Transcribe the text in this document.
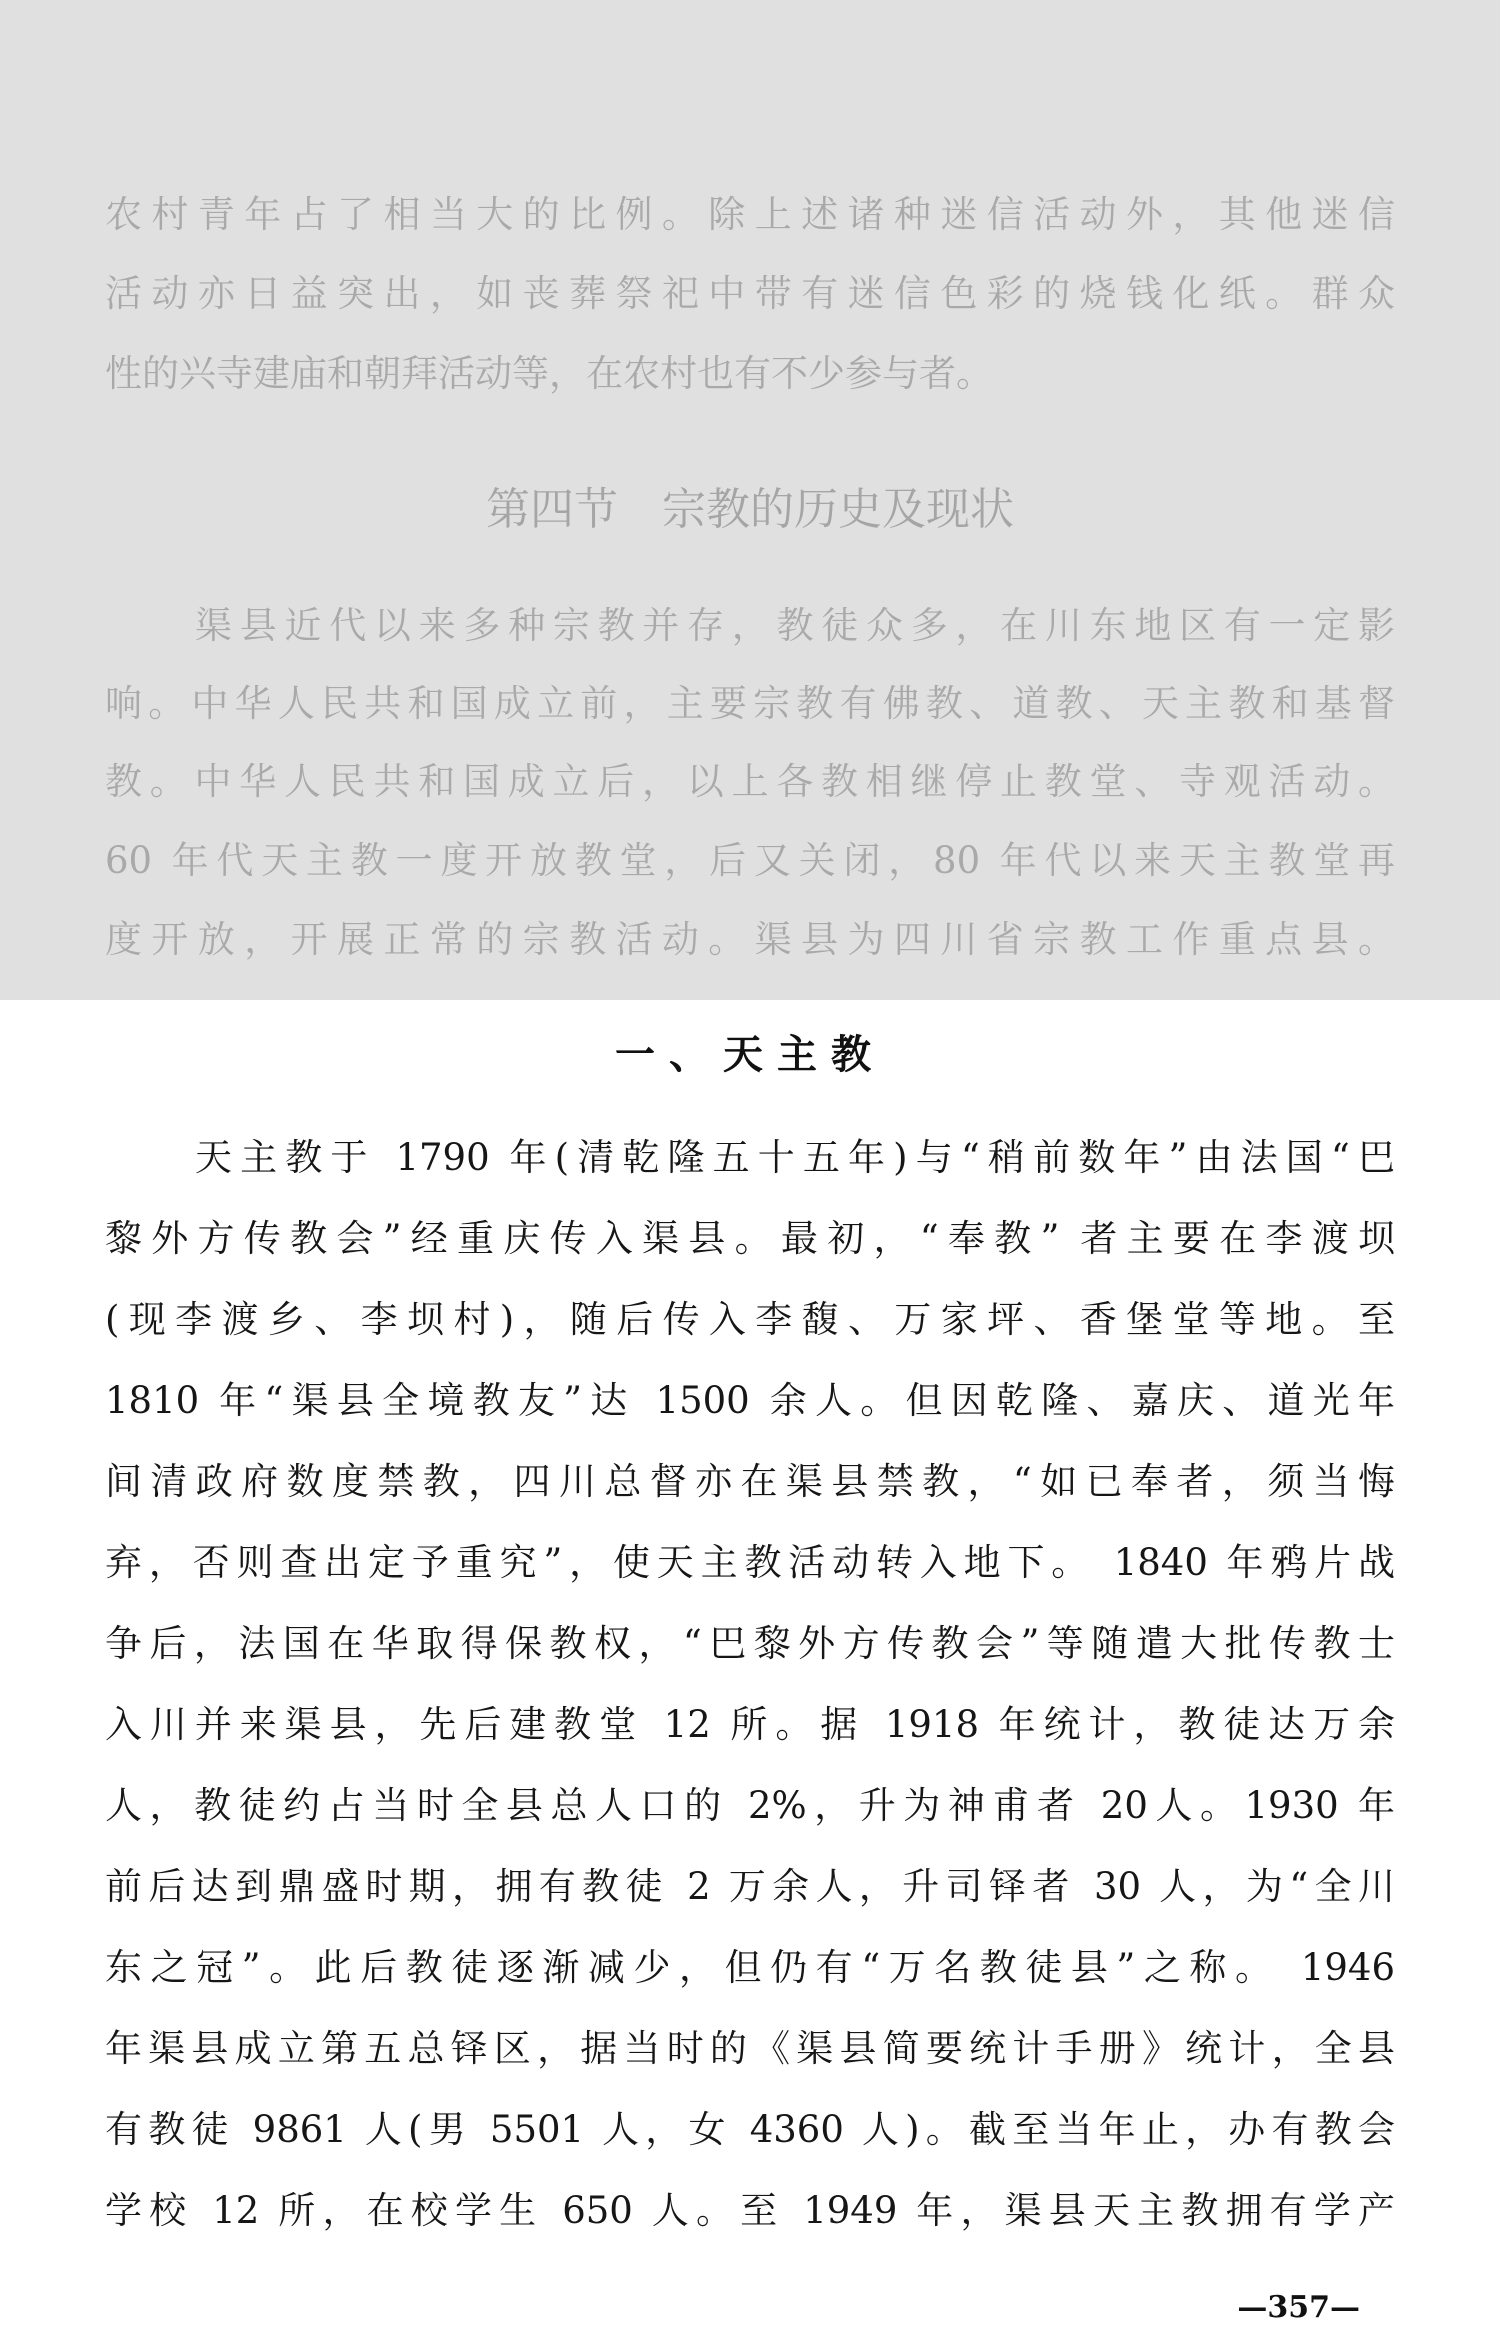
农村青年占了相当大的比例。除上述诸种迷信活动外，其他迷信
活动亦日益突出，如丧葬祭祀中带有迷信色彩的烧钱化纸。群众
性的兴寺建庙和朝拜活动等，在农村也有不少参与者。
第四节　宗教的历史及现状
渠县近代以来多种宗教并存，教徒众多，在川东地区有一定影
响。中华人民共和国成立前，主要宗教有佛教、道教、天主教和基督
教。中华人民共和国成立后，以上各教相继停止教堂、寺观活动。
60 年代天主教一度开放教堂，后又关闭，80 年代以来天主教堂再
度开放，开展正常的宗教活动。渠县为四川省宗教工作重点县。
一、天主教
天主教于 1790 年(清乾隆五十五年)与“稍前数年”由法国“巴
黎外方传教会”经重庆传入渠县。最初，“奉教” 者主要在李渡坝
(现李渡乡、李坝村)，随后传入李馥、万家坪、香堡堂等地。至
1810 年“渠县全境教友”达 1500 余人。但因乾隆、嘉庆、道光年
间清政府数度禁教，四川总督亦在渠县禁教，“如已奉者，须当悔
弃，否则查出定予重究”，使天主教活动转入地下。 1840 年鸦片战
争后，法国在华取得保教权，“巴黎外方传教会”等随遣大批传教士
入川并来渠县，先后建教堂 12 所。据 1918 年统计，教徒达万余
人，教徒约占当时全县总人口的 2%，升为神甫者 20人。1930 年
前后达到鼎盛时期，拥有教徒 2 万余人，升司铎者 30 人，为“全川
东之冠”。此后教徒逐渐减少，但仍有“万名教徒县”之称。 1946
年渠县成立第五总铎区，据当时的《渠县简要统计手册》统计，全县
有教徒 9861 人(男 5501 人，女 4360 人)。截至当年止，办有教会
学校 12 所，在校学生 650 人。至 1949 年，渠县天主教拥有学产
—357—
